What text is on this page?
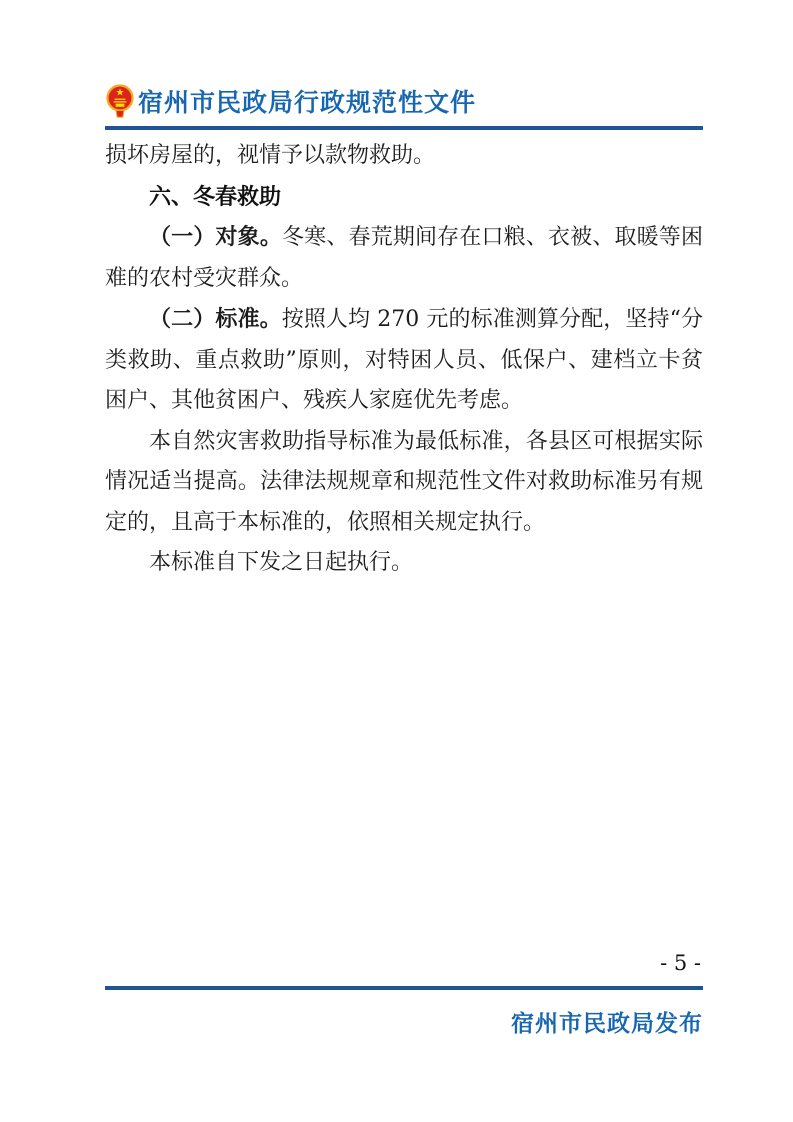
★ 宿州市民政局行政规范性文件

损坏房屋的，视情予以款物救助。

六、冬春救助

（一）对象。冬寒、春荒期间存在口粮、衣被、取暖等困难的农村受灾群众。

（二）标准。按照人均 270 元的标准测算分配，坚持“分类救助、重点救助”原则，对特困人员、低保户、建档立卡贫困户、其他贫困户、残疾人家庭优先考虑。

本自然灾害救助指导标准为最低标准，各县区可根据实际情况适当提高。法律法规规章和规范性文件对救助标准另有规定的，且高于本标准的，依照相关规定执行。

本标准自下发之日起执行。

- 5 -
宿州市民政局发布
